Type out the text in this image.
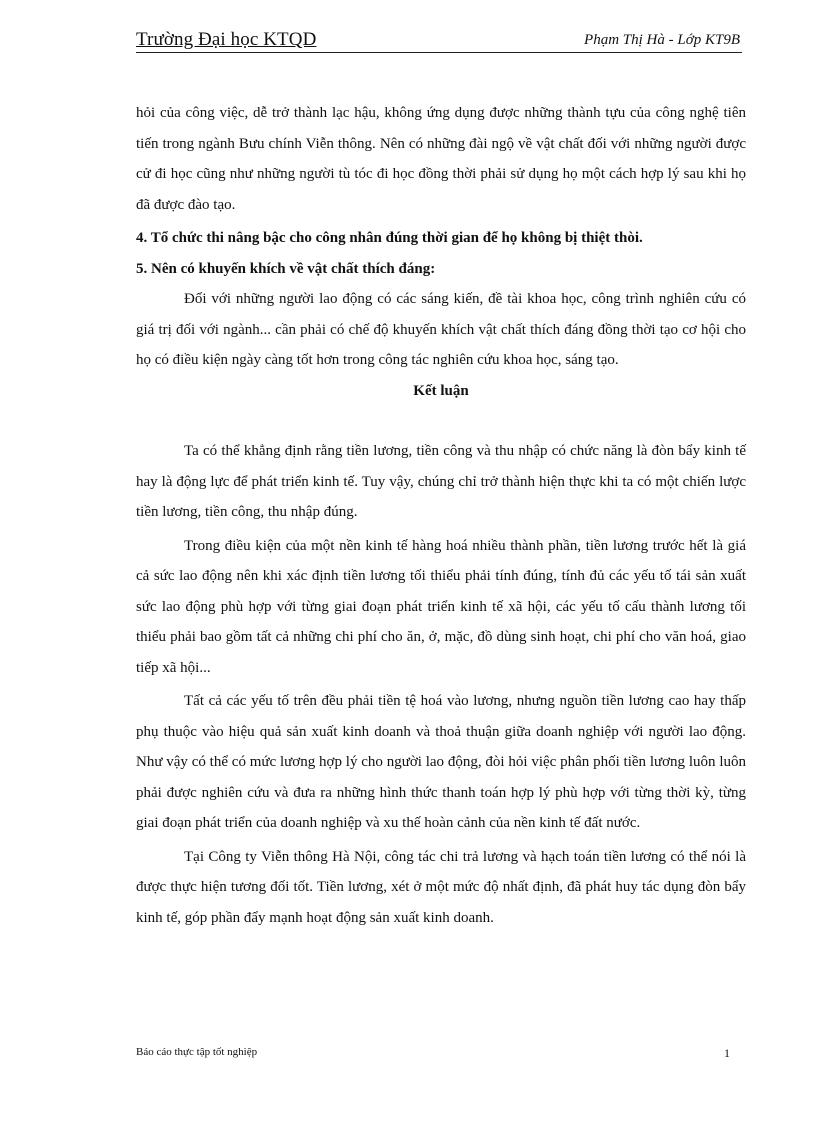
Trường Đại học KTQD	Phạm Thị Hà - Lớp KT9B

hỏi của công việc, dễ trở thành lạc hậu, không ứng dụng được những thành tựu của công nghệ tiên tiến trong ngành Bưu chính Viễn thông. Nên có những đài ngộ về vật chất đối với những người được cử đi học cũng như những người tù tóc đi học đồng thời phải sử dụng họ một cách hợp lý sau khi họ đã được đào tạo.

4. Tổ chức thi nâng bậc cho công nhân đúng thời gian để họ không bị thiệt thòi.

5. Nên có khuyến khích về vật chất thích đáng:

Đối với những người lao động có các sáng kiến, đề tài khoa học, công trình nghiên cứu có giá trị đối với ngành... cần phải có chế độ khuyến khích vật chất thích đáng đồng thời tạo cơ hội cho họ có điều kiện ngày càng tốt hơn trong công tác nghiên cứu khoa học, sáng tạo.

Kết luận

Ta có thể khẳng định rằng tiền lương, tiền công và thu nhập có chức năng là đòn bẩy kinh tế hay là động lực để phát triển kinh tế. Tuy vậy, chúng chỉ trở thành hiện thực khi ta có một chiến lược tiền lương, tiền công, thu nhập đúng.

Trong điều kiện của một nền kinh tế hàng hoá nhiều thành phần, tiền lương trước hết là giá cả sức lao động nên khi xác định tiền lương tối thiểu phải tính đúng, tính đủ các yếu tố tái sản xuất sức lao động phù hợp với từng giai đoạn phát triển kinh tế xã hội, các yếu tố cấu thành lương tối thiểu phải bao gồm tất cả những chi phí cho ăn, ở, mặc, đồ dùng sinh hoạt, chi phí cho văn hoá, giao tiếp xã hội...

Tất cả các yếu tố trên đều phải tiền tệ hoá vào lương, nhưng nguồn tiền lương cao hay thấp phụ thuộc vào hiệu quả sản xuất kinh doanh và thoả thuận giữa doanh nghiệp với người lao động. Như vậy có thể có mức lương hợp lý cho người lao động, đòi hỏi việc phân phối tiền lương luôn luôn phải được nghiên cứu và đưa ra những hình thức thanh toán hợp lý phù hợp với từng thời kỳ, từng giai đoạn phát triển của doanh nghiệp và xu thế hoàn cảnh của nền kinh tế đất nước.

Tại Công ty Viễn thông Hà Nội, công tác chi trả lương và hạch toán tiền lương có thể nói là được thực hiện tương đối tốt. Tiền lương, xét ở một mức độ nhất định, đã phát huy tác dụng đòn bẩy kinh tế, góp phần đẩy mạnh hoạt động sản xuất kinh doanh.

Báo cáo thực tập tốt nghiệp	1
